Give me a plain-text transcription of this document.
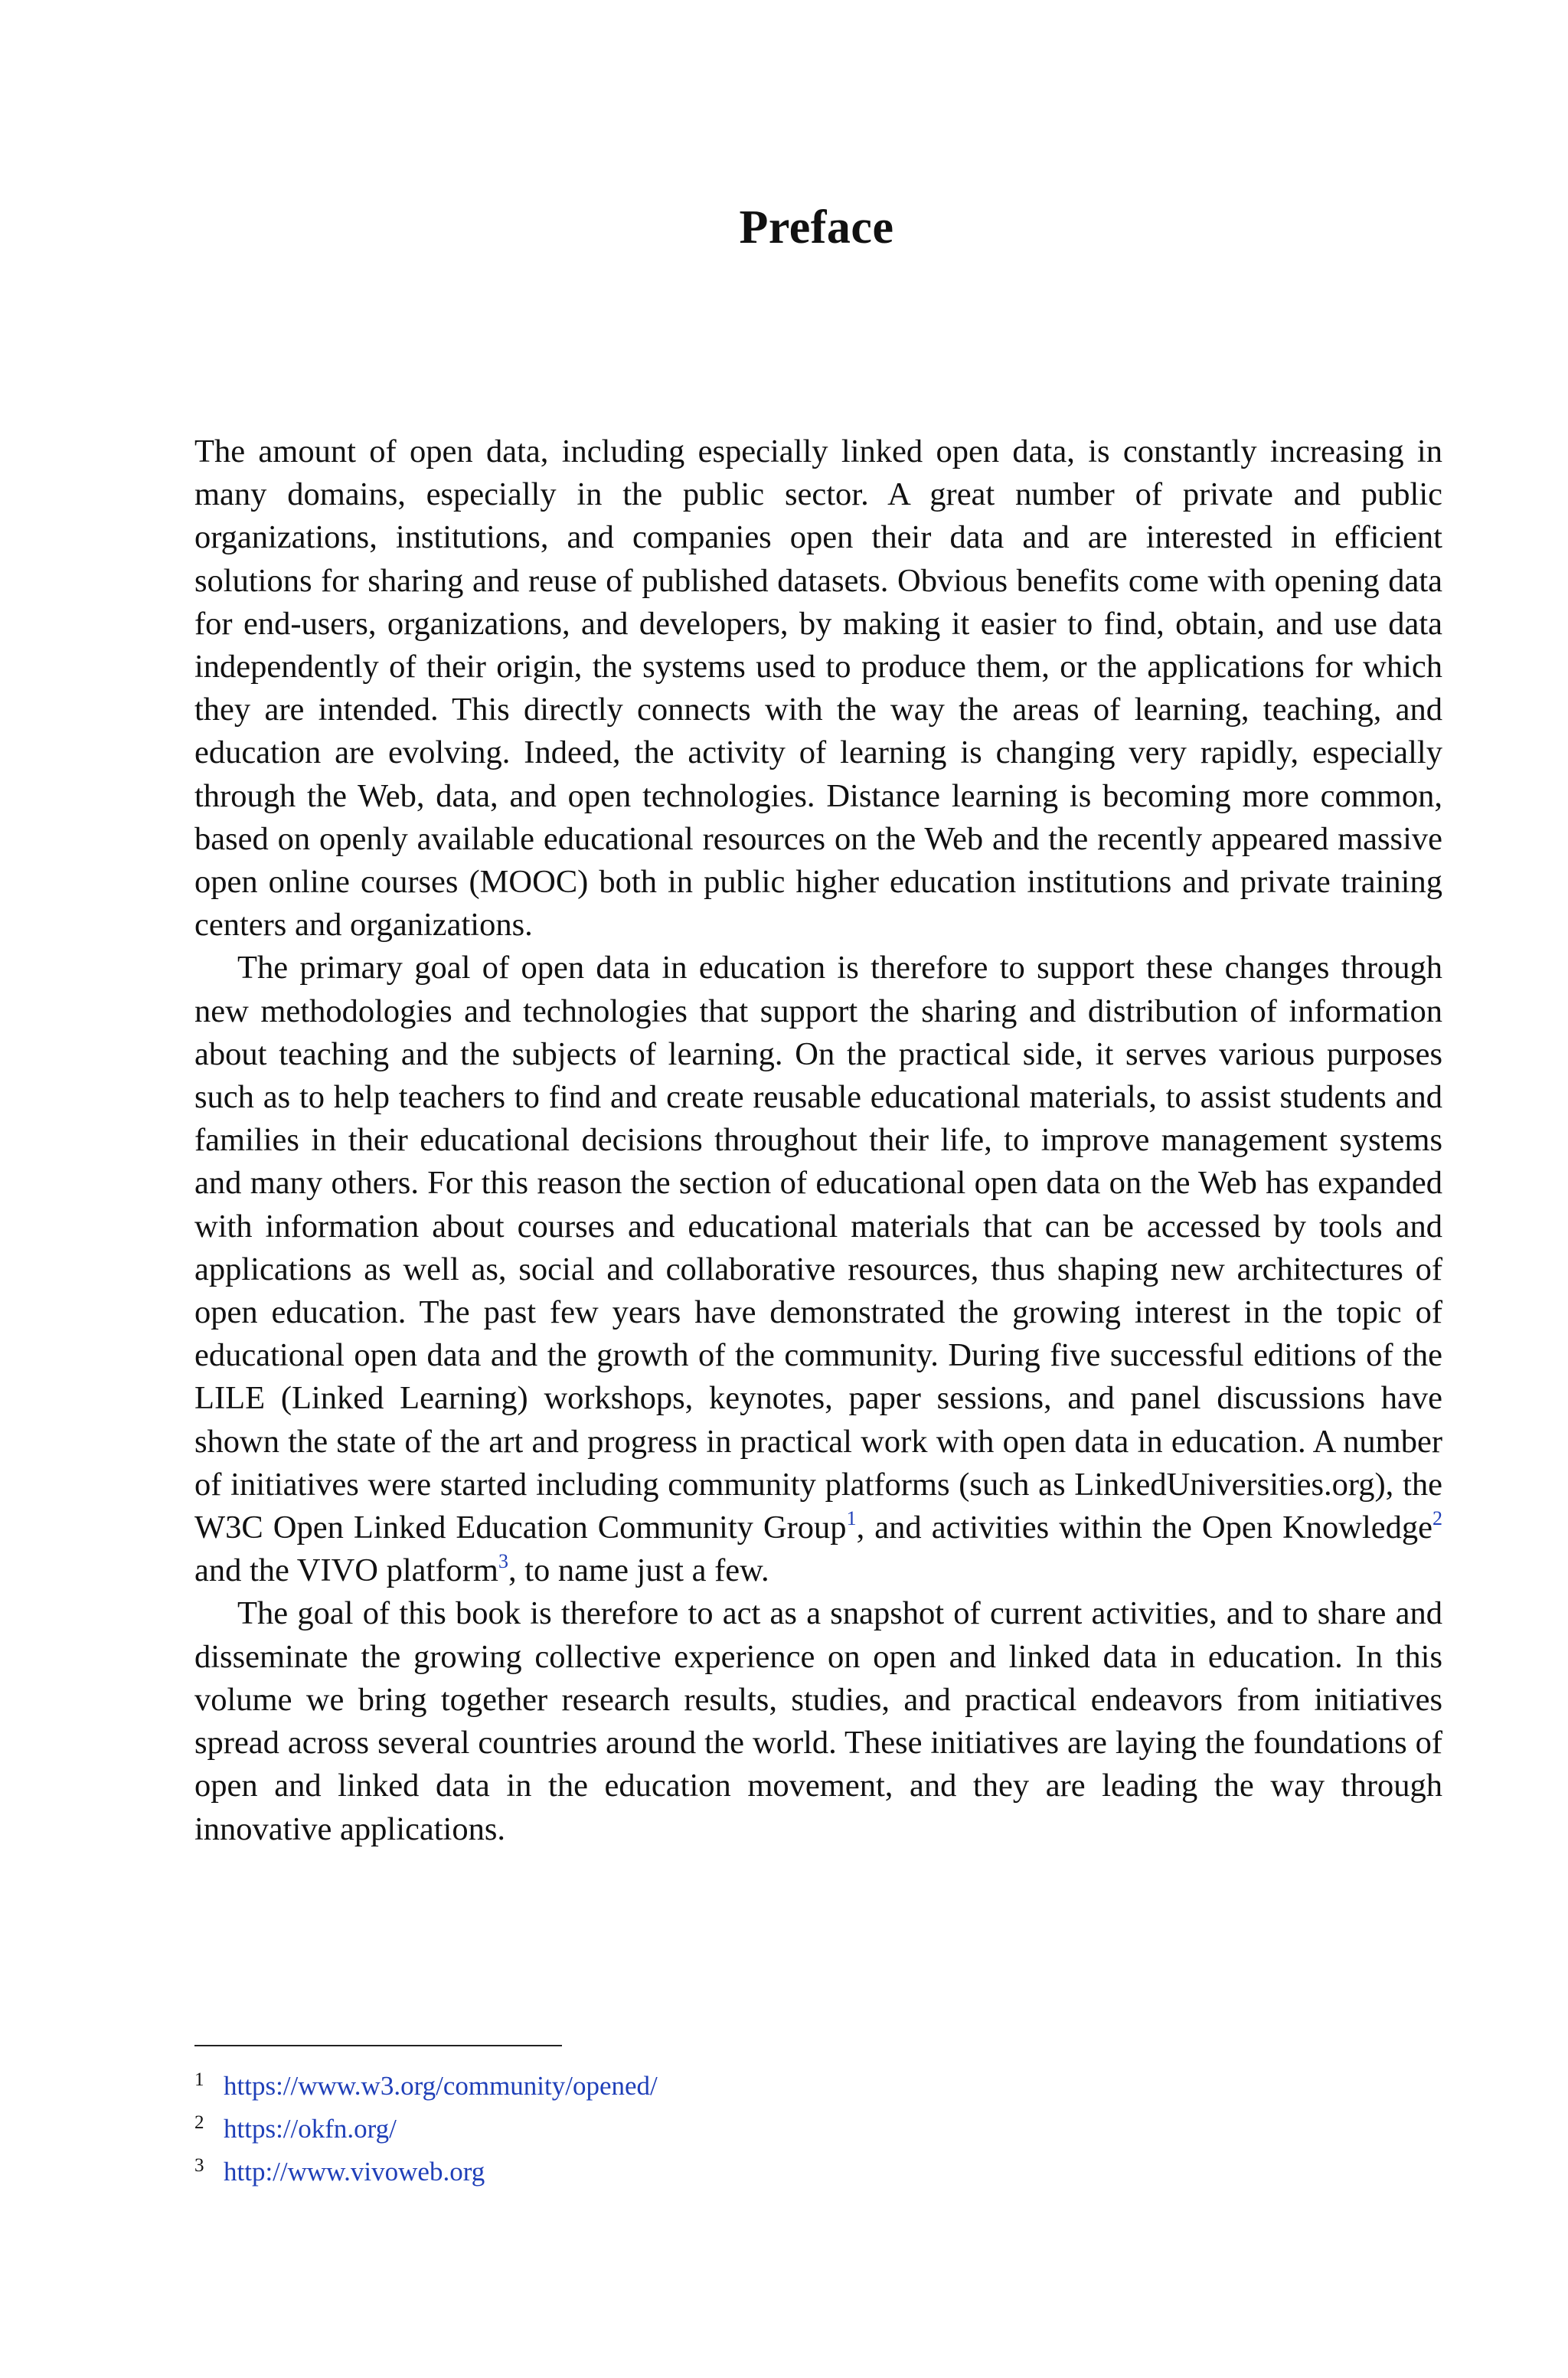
Preface

The amount of open data, including especially linked open data, is constantly increasing in many domains, especially in the public sector. A great number of private and public organizations, institutions, and companies open their data and are interested in efficient solutions for sharing and reuse of published datasets. Obvious benefits come with opening data for end-users, organizations, and developers, by making it easier to find, obtain, and use data independently of their origin, the systems used to produce them, or the applications for which they are intended. This directly connects with the way the areas of learning, teaching, and education are evolving. Indeed, the activity of learning is changing very rapidly, especially through the Web, data, and open technologies. Distance learning is becoming more common, based on openly available educational resources on the Web and the recently appeared massive open online courses (MOOC) both in public higher education institutions and private training centers and organizations.

The primary goal of open data in education is therefore to support these changes through new methodologies and technologies that support the sharing and distribution of information about teaching and the subjects of learning. On the practical side, it serves various purposes such as to help teachers to find and create reusable educational materials, to assist students and families in their educational decisions throughout their life, to improve management systems and many others. For this reason the section of educational open data on the Web has expanded with information about courses and educational materials that can be accessed by tools and applications as well as, social and collaborative resources, thus shaping new architectures of open education. The past few years have demonstrated the growing interest in the topic of educational open data and the growth of the community. During five successful editions of the LILE (Linked Learning) workshops, keynotes, paper sessions, and panel discussions have shown the state of the art and progress in practical work with open data in education. A number of initiatives were started including community platforms (such as LinkedUniversities.​org), the W3C Open Linked Education Community Group$^1$, and activities within the Open Knowledge$^2$ and the VIVO platform$^3$, to name just a few.

The goal of this book is therefore to act as a snapshot of current activities, and to share and disseminate the growing collective experience on open and linked data in education. In this volume we bring together research results, studies, and practical endeavors from initiatives spread across several countries around the world. These initiatives are laying the foundations of open and linked data in the education movement, and they are leading the way through innovative applications.

1 https://www.w3.org/community/opened/
2 https://okfn.org/
3 http://www.vivoweb.org
